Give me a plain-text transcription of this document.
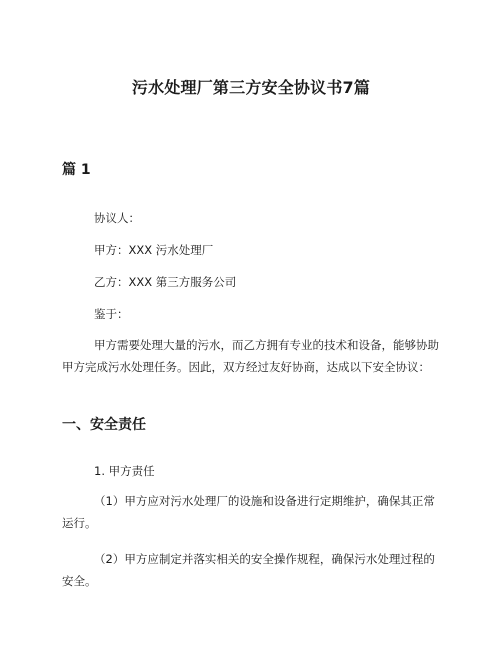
污水处理厂第三方安全协议书7篇
篇 1

协议人：

甲方：XXX 污水处理厂

乙方：XXX 第三方服务公司

鉴于：

甲方需要处理大量的污水，而乙方拥有专业的技术和设备，能够协助甲方完成污水处理任务。因此，双方经过友好协商，达成以下安全协议：

一、安全责任

1. 甲方责任

（1）甲方应对污水处理厂的设施和设备进行定期维护，确保其正常运行。

（2）甲方应制定并落实相关的安全操作规程，确保污水处理过程的安全。
